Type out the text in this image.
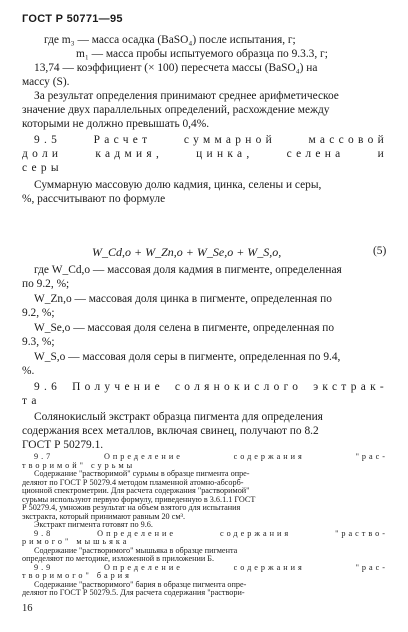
ГОСТ Р 50771—95
где m₃ — масса осадка (BaSO₄) после испытания, г;
m₁ — масса пробы испытуемого образца по 9.3.3, г;
13,74 — коэффициент (× 100) пересчета массы (BaSO₄) на
массу (S).
За результат определения принимают среднее арифметическое
значение двух параллельных определений, расхождение между
которыми не должно превышать 0,4%.
9.5 Расчет суммарной массовой
доли кадмия, цинка, селена и
серы
Суммарную массовую долю кадмия, цинка, селены и серы,
%, рассчитывают по формуле
W_Cd,o + W_Zn,o + W_Se,o + W_S,o,	(5)
где W_Cd,o — массовая доля кадмия в пигменте, определенная
по 9.2, %;
W_Zn,o — массовая доля цинка в пигменте, определенная по
9.2, %;
W_Se,o — массовая доля селена в пигменте, определенная по
9.3, %;
W_S,o — массовая доля серы в пигменте, определенная по 9.4,
%.
9.6 Получение солянокислого экстрак-
та
Солянокислый экстракт образца пигмента для определения
содержания всех металлов, включая свинец, получают по 8.2
ГОСТ Р 50279.1.
9.7 Определение содержания "рас-
творимой" сурьмы
Содержание "растворимой" сурьмы в образце пигмента опре-
деляют по ГОСТ Р 50279.4 методом пламенной атомно-абсорб-
ционной спектрометрии. Для расчета содержания "растворимой"
сурьмы используют первую формулу, приведенную в 3.6.1.1 ГОСТ
Р 50279.4, умножив результат на объем взятого для испытания
экстракта, который принимают равным 20 см³.
Экстракт пигмента готовят по 9.6.
9.8 Определение содержания "раство-
римого" мышьяка
Содержание "растворимого" мышьяка в образце пигмента
определяют по методике, изложенной в приложении Б.
9.9 Определение содержания "рас-
творимого" бария
Содержание "растворимого" бария в образце пигмента опре-
деляют по ГОСТ Р 50279.5. Для расчета содержания "раствори-
16
